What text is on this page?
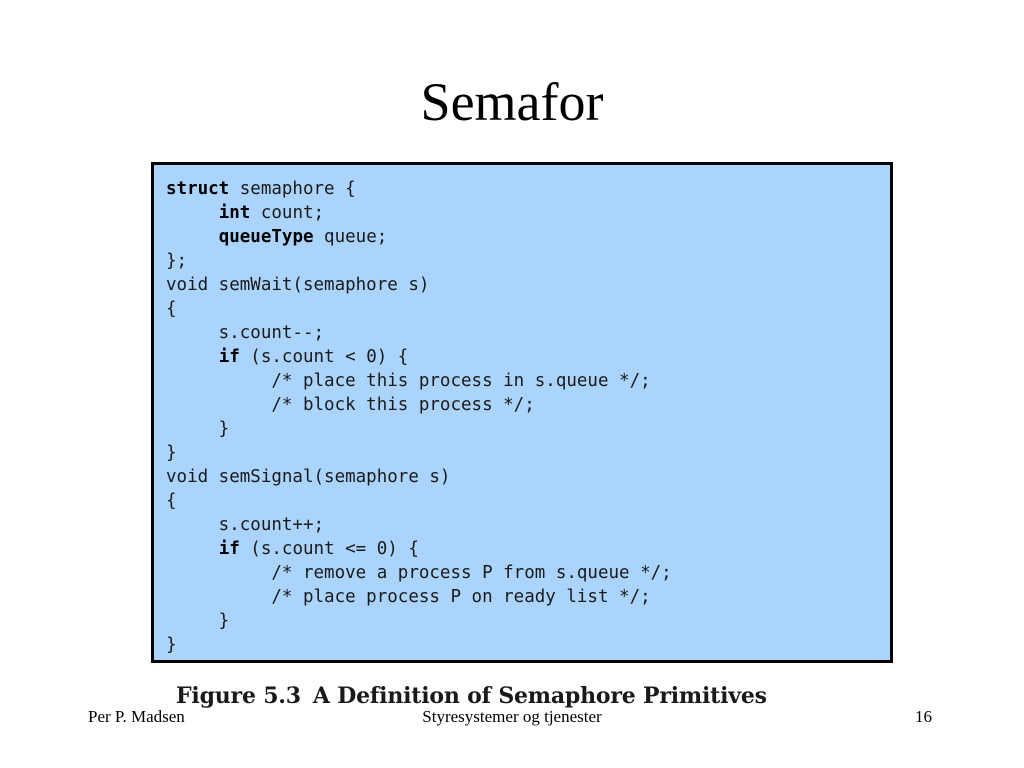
Semafor
struct semaphore {
int count;
queueType queue;
};
void semWait(semaphore s)
{
s.count--;
if (s.count < 0) {
/* place this process in s.queue */;
/* block this process */;
}
}
void semSignal(semaphore s)
{
s.count++;
if (s.count <= 0) {
/* remove a process P from s.queue */;
/* place process P on ready list */;
}
}
Figure 5.3 A Definition of Semaphore Primitives
Per P. Madsen	Styresystemer og tjenester	16
